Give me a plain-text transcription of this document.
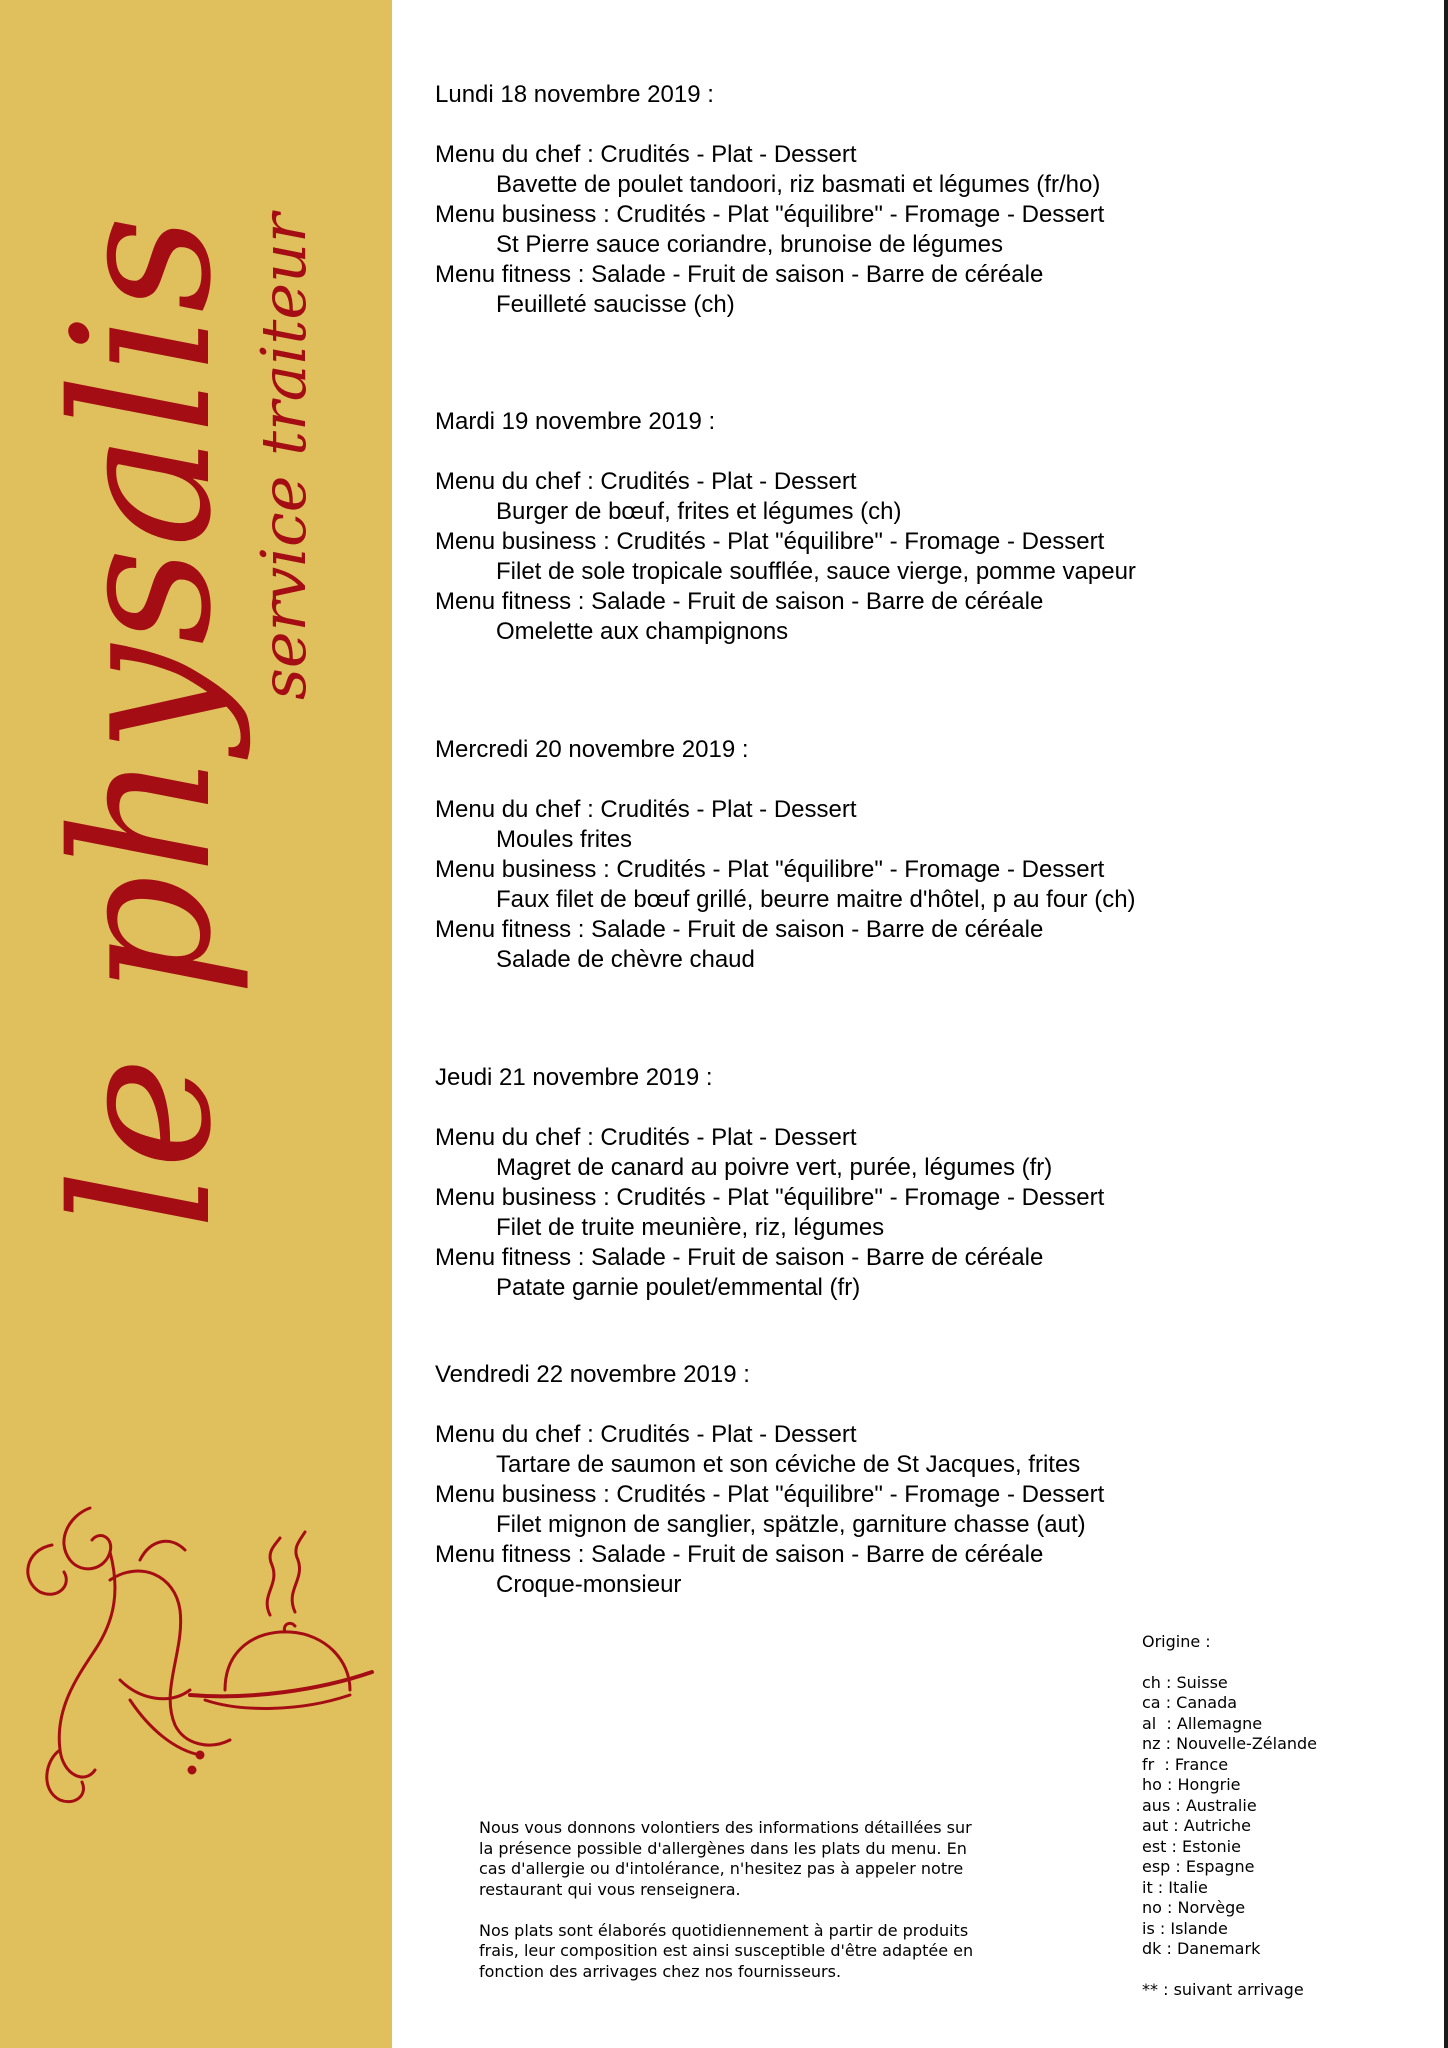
le physalis
service traiteur
Lundi 18 novembre 2019 :
Menu du chef : Crudités - Plat - Dessert
Bavette de poulet tandoori, riz basmati et légumes (fr/ho)
Menu business : Crudités - Plat "équilibre" - Fromage - Dessert
St Pierre sauce coriandre, brunoise de légumes
Menu fitness : Salade - Fruit de saison - Barre de céréale
Feuilleté saucisse (ch)
Mardi 19 novembre 2019 :
Menu du chef : Crudités - Plat - Dessert
Burger de bœuf, frites et légumes (ch)
Menu business : Crudités - Plat "équilibre" - Fromage - Dessert
Filet de sole tropicale soufflée, sauce vierge, pomme vapeur
Menu fitness : Salade - Fruit de saison - Barre de céréale
Omelette aux champignons
Mercredi 20 novembre 2019 :
Menu du chef : Crudités - Plat - Dessert
Moules frites
Menu business : Crudités - Plat "équilibre" - Fromage - Dessert
Faux filet de bœuf grillé, beurre maitre d'hôtel, p au four (ch)
Menu fitness : Salade - Fruit de saison - Barre de céréale
Salade de chèvre chaud
Jeudi 21 novembre 2019 :
Menu du chef : Crudités - Plat - Dessert
Magret de canard au poivre vert, purée, légumes (fr)
Menu business : Crudités - Plat "équilibre" - Fromage - Dessert
Filet de truite meunière, riz, légumes
Menu fitness : Salade - Fruit de saison - Barre de céréale
Patate garnie poulet/emmental (fr)
Vendredi 22 novembre 2019 :
Menu du chef : Crudités - Plat - Dessert
Tartare de saumon et son céviche de St Jacques, frites
Menu business : Crudités - Plat "équilibre" - Fromage - Dessert
Filet mignon de sanglier, spätzle, garniture chasse (aut)
Menu fitness : Salade - Fruit de saison - Barre de céréale
Croque-monsieur
Origine :
ch : Suisse
ca : Canada
al  : Allemagne
nz : Nouvelle-Zélande
fr  : France
ho : Hongrie
aus : Australie
aut : Autriche
est : Estonie
esp : Espagne
it : Italie
no : Norvège
is : Islande
dk : Danemark
** : suivant arrivage
Nous vous donnons volontiers des informations détaillées sur
la présence possible d'allergènes dans les plats du menu. En
cas d'allergie ou d'intolérance, n'hesitez pas à appeler notre
restaurant qui vous renseignera.
Nos plats sont élaborés quotidiennement à partir de produits
frais, leur composition est ainsi susceptible d'être adaptée en
fonction des arrivages chez nos fournisseurs.
